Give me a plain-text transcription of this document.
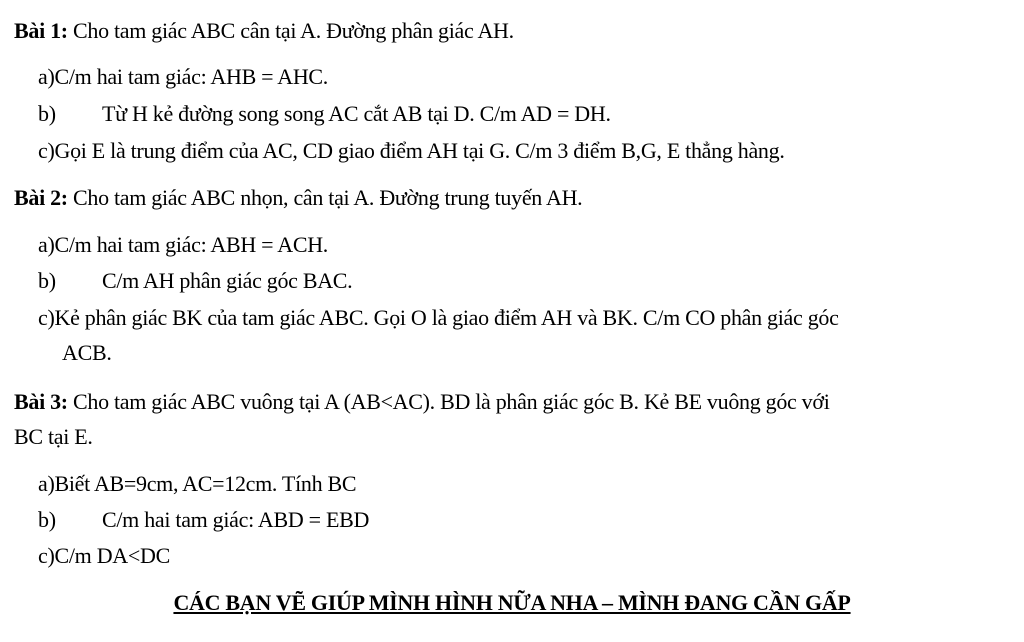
Bài 1: Cho tam giác ABC cân tại A. Đường phân giác AH.
a)C/m hai tam giác: AHB = AHC.
b) Từ H kẻ đường song song AC cắt AB tại D. C/m AD = DH.
c)Gọi E là trung điểm của AC, CD giao điểm AH tại G. C/m 3 điểm B,G, E thẳng hàng.
Bài 2: Cho tam giác ABC nhọn, cân tại A. Đường trung tuyến AH.
a)C/m hai tam giác: ABH = ACH.
b) C/m AH phân giác góc BAC.
c)Kẻ phân giác BK của tam giác ABC. Gọi O là giao điểm AH và BK. C/m CO phân giác góc
ACB.
Bài 3: Cho tam giác ABC vuông tại A (AB<AC). BD là phân giác góc B. Kẻ BE vuông góc với
BC tại E.
a)Biết AB=9cm, AC=12cm. Tính BC
b) C/m hai tam giác: ABD = EBD
c)C/m DA<DC
CÁC BẠN VẼ GIÚP MÌNH HÌNH NỮA NHA – MÌNH ĐANG CẦN GẤP
